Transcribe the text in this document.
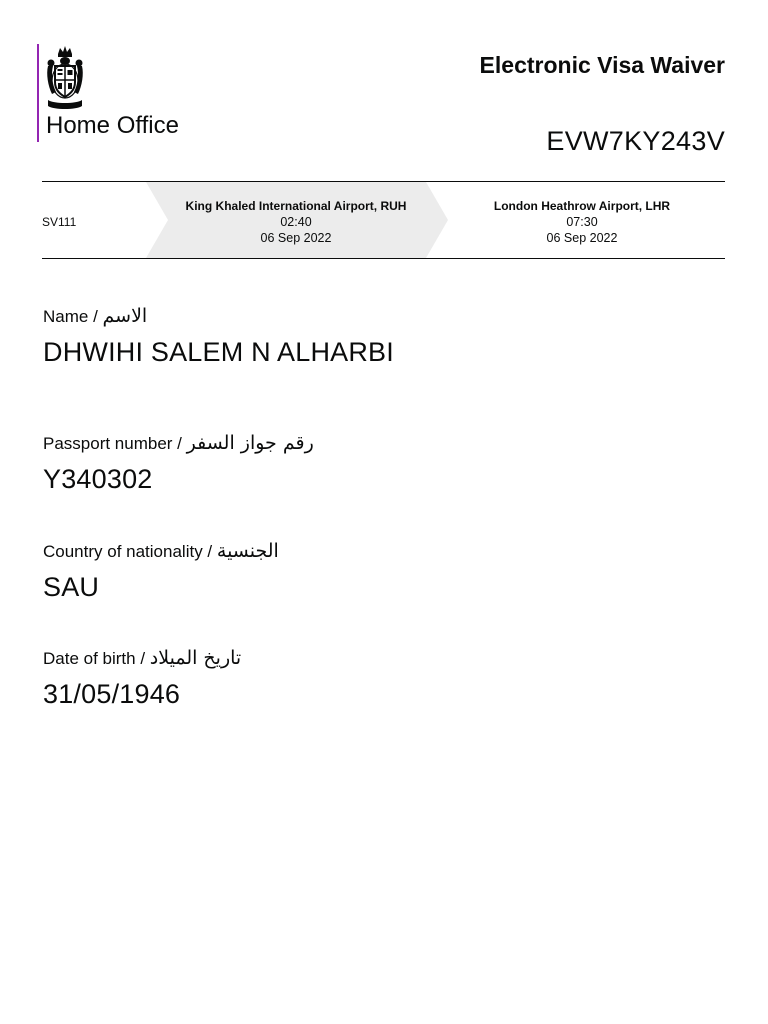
Home Office
Electronic Visa Waiver
EVW7KY243V
SV111
King Khaled International Airport, RUH
02:40
06 Sep 2022
London Heathrow Airport, LHR
07:30
06 Sep 2022
Name / الاسم
DHWIHI SALEM N ALHARBI
Passport number / رقم جواز السفر
Y340302
Country of nationality / الجنسية
SAU
Date of birth / تاريخ الميلاد
31/05/1946
